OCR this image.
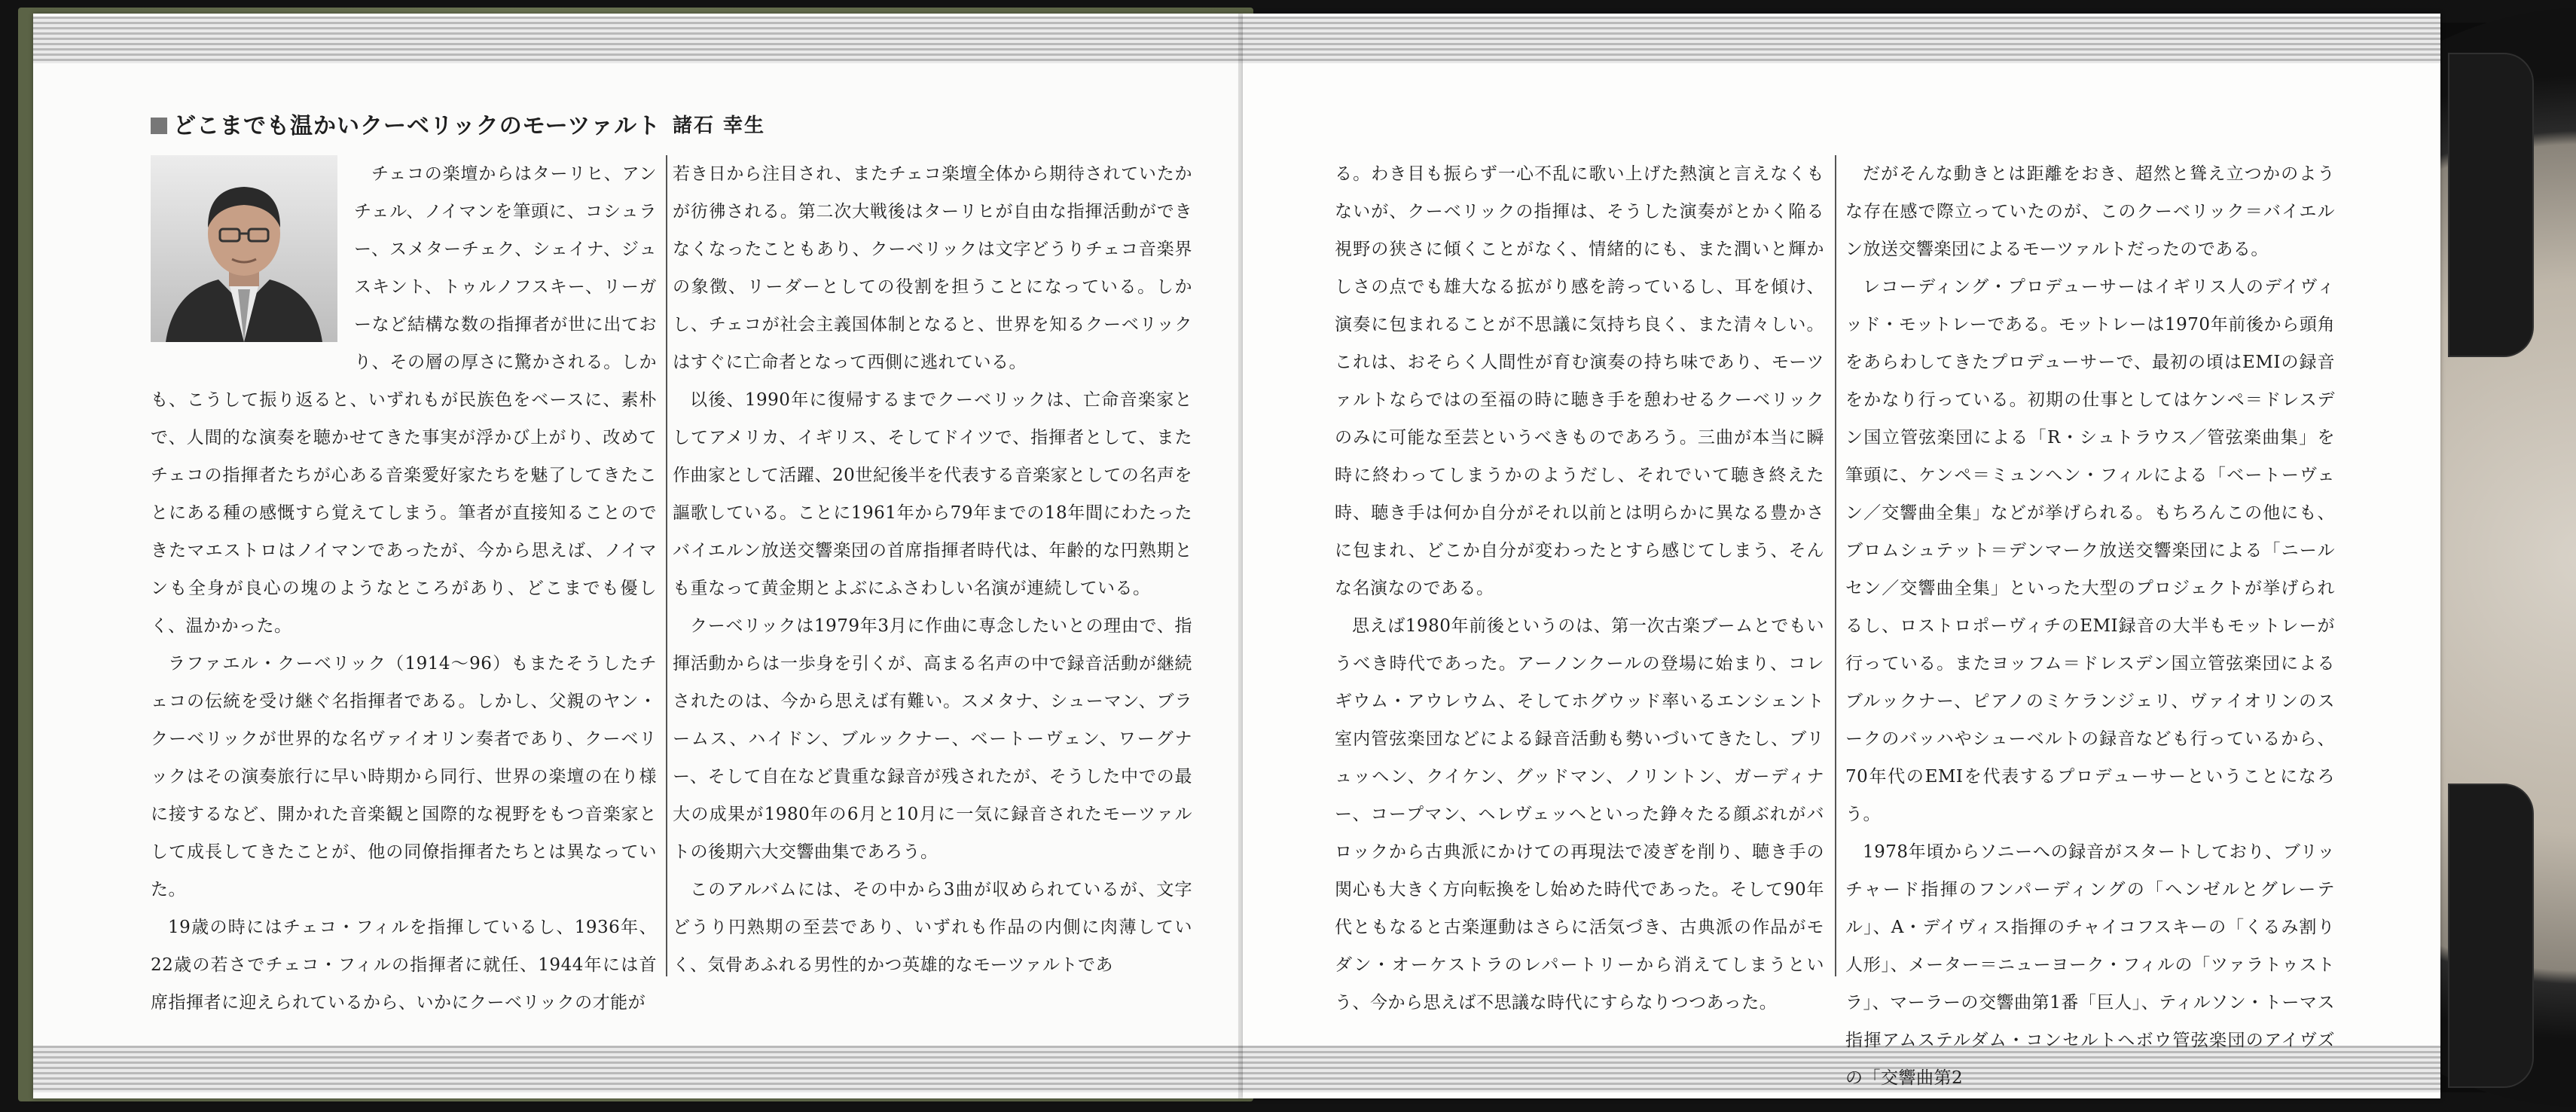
どこまでも温かいクーベリックのモーツァルト 諸石 幸生

チェコの楽壇からはターリヒ、アンチェル、ノイマンを筆頭に、コシュラー、スメターチェク、シェイナ、ジュスキント、トゥルノフスキー、リーガーなど結構な数の指揮者が世に出ており、その層の厚さに驚かされる。しかも、こうして振り返ると、いずれもが民族色をベースに、素朴で、人間的な演奏を聴かせてきた事実が浮かび上がり、改めてチェコの指揮者たちが心ある音楽愛好家たちを魅了してきたことにある種の感慨すら覚えてしまう。筆者が直接知ることのできたマエストロはノイマンであったが、今から思えば、ノイマンも全身が良心の塊のようなところがあり、どこまでも優しく、温かかった。

ラファエル・クーベリック（1914〜96）もまたそうしたチェコの伝統を受け継ぐ名指揮者である。しかし、父親のヤン・クーベリックが世界的な名ヴァイオリン奏者であり、クーベリックはその演奏旅行に早い時期から同行、世界の楽壇の在り様に接するなど、開かれた音楽観と国際的な視野をもつ音楽家として成長してきたことが、他の同僚指揮者たちとは異なっていた。

19歳の時にはチェコ・フィルを指揮しているし、1936年、22歳の若さでチェコ・フィルの指揮者に就任、1944年には首席指揮者に迎えられているから、いかにクーベリックの才能が

若き日から注目され、またチェコ楽壇全体から期待されていたかが彷彿される。第二次大戦後はターリヒが自由な指揮活動ができなくなったこともあり、クーベリックは文字どうりチェコ音楽界の象徴、リーダーとしての役割を担うことになっている。しかし、チェコが社会主義国体制となると、世界を知るクーベリックはすぐに亡命者となって西側に逃れている。

以後、1990年に復帰するまでクーベリックは、亡命音楽家としてアメリカ、イギリス、そしてドイツで、指揮者として、また作曲家として活躍、20世紀後半を代表する音楽家としての名声を謳歌している。ことに1961年から79年までの18年間にわたったバイエルン放送交響楽団の首席指揮者時代は、年齢的な円熟期とも重なって黄金期とよぶにふさわしい名演が連続している。

クーベリックは1979年3月に作曲に専念したいとの理由で、指揮活動からは一歩身を引くが、高まる名声の中で録音活動が継続されたのは、今から思えば有難い。スメタナ、シューマン、ブラームス、ハイドン、ブルックナー、ベートーヴェン、ワーグナー、そして自在など貴重な録音が残されたが、そうした中での最大の成果が1980年の6月と10月に一気に録音されたモーツァルトの後期六大交響曲集であろう。

このアルバムには、その中から3曲が収められているが、文字どうり円熟期の至芸であり、いずれも作品の内側に肉薄していく、気骨あふれる男性的かつ英雄的なモーツァルトであ

る。わき目も振らず一心不乱に歌い上げた熱演と言えなくもないが、クーベリックの指揮は、そうした演奏がとかく陥る視野の狭さに傾くことがなく、情緒的にも、また潤いと輝かしさの点でも雄大なる拡がり感を誇っているし、耳を傾け、演奏に包まれることが不思議に気持ち良く、また清々しい。これは、おそらく人間性が育む演奏の持ち味であり、モーツァルトならではの至福の時に聴き手を憩わせるクーベリックのみに可能な至芸というべきものであろう。三曲が本当に瞬時に終わってしまうかのようだし、それでいて聴き終えた時、聴き手は何か自分がそれ以前とは明らかに異なる豊かさに包まれ、どこか自分が変わったとすら感じてしまう、そんな名演なのである。

思えば1980年前後というのは、第一次古楽ブームとでもいうべき時代であった。アーノンクールの登場に始まり、コレギウム・アウレウム、そしてホグウッド率いるエンシェント室内管弦楽団などによる録音活動も勢いづいてきたし、ブリュッヘン、クイケン、グッドマン、ノリントン、ガーディナー、コープマン、ヘレヴェッヘといった錚々たる顔ぶれがバロックから古典派にかけての再現法で凌ぎを削り、聴き手の関心も大きく方向転換をし始めた時代であった。そして90年代ともなると古楽運動はさらに活気づき、古典派の作品がモダン・オーケストラのレパートリーから消えてしまうという、今から思えば不思議な時代にすらなりつつあった。

だがそんな動きとは距離をおき、超然と聳え立つかのような存在感で際立っていたのが、このクーベリック＝バイエルン放送交響楽団によるモーツァルトだったのである。

レコーディング・プロデューサーはイギリス人のデイヴィッド・モットレーである。モットレーは1970年前後から頭角をあらわしてきたプロデューサーで、最初の頃はEMIの録音をかなり行っている。初期の仕事としてはケンペ＝ドレスデン国立管弦楽団による「R・シュトラウス／管弦楽曲集」を筆頭に、ケンペ＝ミュンヘン・フィルによる「ベートーヴェン／交響曲全集」などが挙げられる。もちろんこの他にも、ブロムシュテット＝デンマーク放送交響楽団による「ニールセン／交響曲全集」といった大型のプロジェクトが挙げられるし、ロストロポーヴィチのEMI録音の大半もモットレーが行っている。またヨッフム＝ドレスデン国立管弦楽団によるブルックナー、ピアノのミケランジェリ、ヴァイオリンのスークのバッハやシューベルトの録音なども行っているから、70年代のEMIを代表するプロデューサーということになろう。

1978年頃からソニーへの録音がスタートしており、ブリッチャード指揮のフンパーディングの「ヘンゼルとグレーテル」、A・デイヴィス指揮のチャイコフスキーの「くるみ割り人形」、メーター＝ニューヨーク・フィルの「ツァラトゥストラ」、マーラーの交響曲第1番「巨人」、ティルソン・トーマス指揮アムステルダム・コンセルトヘボウ管弦楽団のアイヴズの「交響曲第2
